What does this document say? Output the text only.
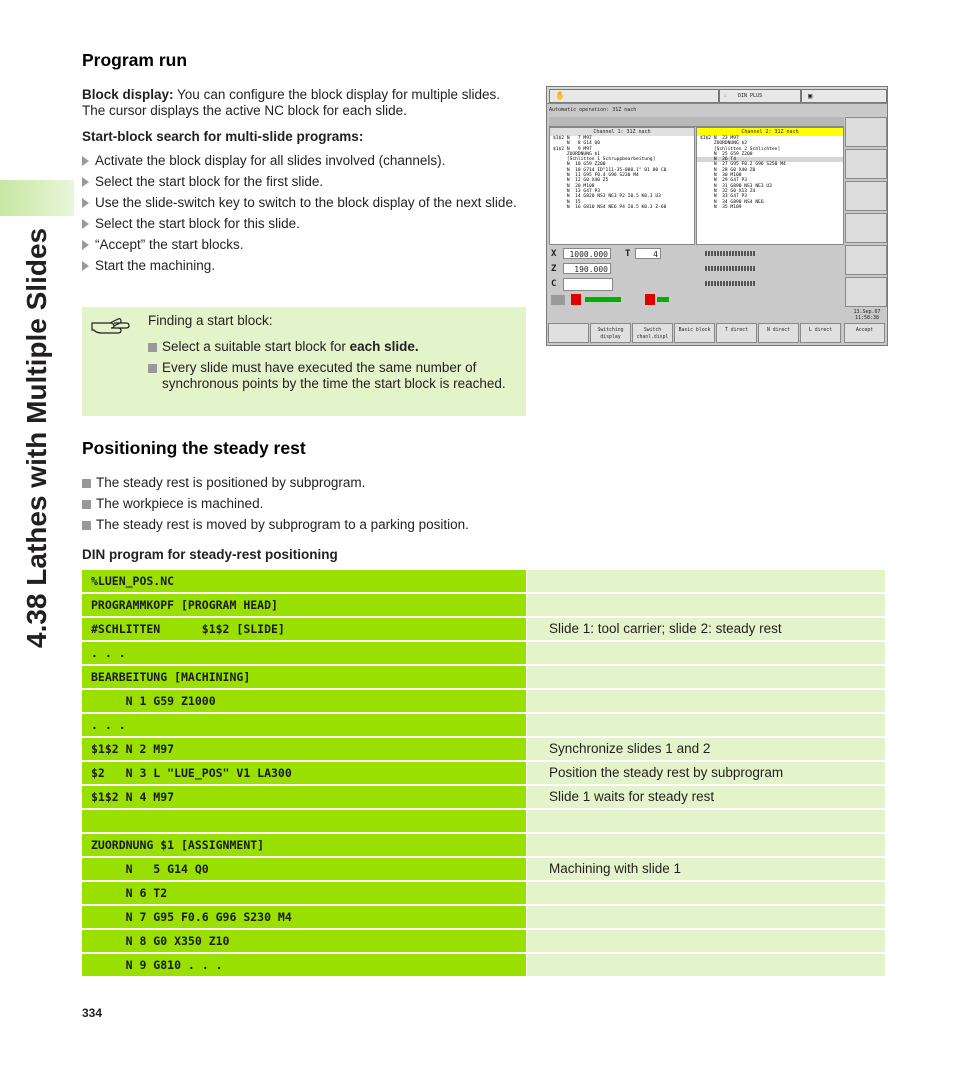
4.38 Lathes with Multiple Slides
Program run

Block display: You can configure the block display for multiple slides. The cursor displays the active NC block for each slide.

Start-block search for multi-slide programs:

Activate the block display for all slides involved (channels).
Select the start block for the first slide.
Use the slide-switch key to switch to the block display of the next slide.
Select the start block for this slide.
“Accept” the start blocks.
Start the machining.
Finding a start block:
Select a suitable start block for each slide.
Every slide must have executed the same number of synchronous points by the time the start block is reached.
✋	☞ DIN PLUS	▣
Automatic operation: 31Z nach
Channel 1: 31Z nach
$1$2 N   7 M97
N   8 G14 Q0
$1$2 N   9 M97
ZUORDNUNG $1
[Schlitten 1 Schruppbearbeitung]
N  10 G59 Z200
N  10 G714 ID"111-35-080.1" 01 00 C0
N  11 G95 F0.4 G96 S230 M4
N  12 G0 X40 Z5
N  20 M108
N  13 G47 P3
N  14 G820 NS3 NE3 P2 I0.5 K0.3 U3
N  15
N  16 G810 NS4 NE6 P4 I0.5 K0.3 Z-60
Channel 2: 31Z nach
$1$2 N  23 M97
ZUORDNUNG $2
[Schlitten 2 Schlichten]
N  25 G59 Z200
N  26 T4
N  27 G95 F0.2 G96 S250 M4
N  28 G0 X40 Z0
N  30 M108
N  29 G47 P3
N  31 G890 NS3 NE3 U3
N  32 G0 X13 Z4
N  33 G47 P3
N  34 G890 NS4 NE6
N  35 M109
X	1000.000
Z	190.000
C
T	4
13.Sep.07
11:58:38
Switching
display
Switch
chanl.displ
Basic block	T direct	N direct	L direct	Accept
Positioning the steady rest
The steady rest is positioned by subprogram.
The workpiece is machined.
The steady rest is moved by subprogram to a parking position.

DIN program for steady-rest positioning

%LUEN_POS.NC
PROGRAMMKOPF [PROGRAM HEAD]
#SCHLITTEN      $1$2 [SLIDE]	Slide 1: tool carrier; slide 2: steady rest
. . .
BEARBEITUNG [MACHINING]
N 1 G59 Z1000
. . .
$1$2 N 2 M97	Synchronize slides 1 and 2
$2   N 3 L "LUE_POS" V1 LA300	Position the steady rest by subprogram
$1$2 N 4 M97	Slide 1 waits for steady rest
ZUORDNUNG $1 [ASSIGNMENT]
N   5 G14 Q0	Machining with slide 1
N 6 T2
N 7 G95 F0.6 G96 S230 M4
N 8 G0 X350 Z10
N 9 G810 . . .

334
